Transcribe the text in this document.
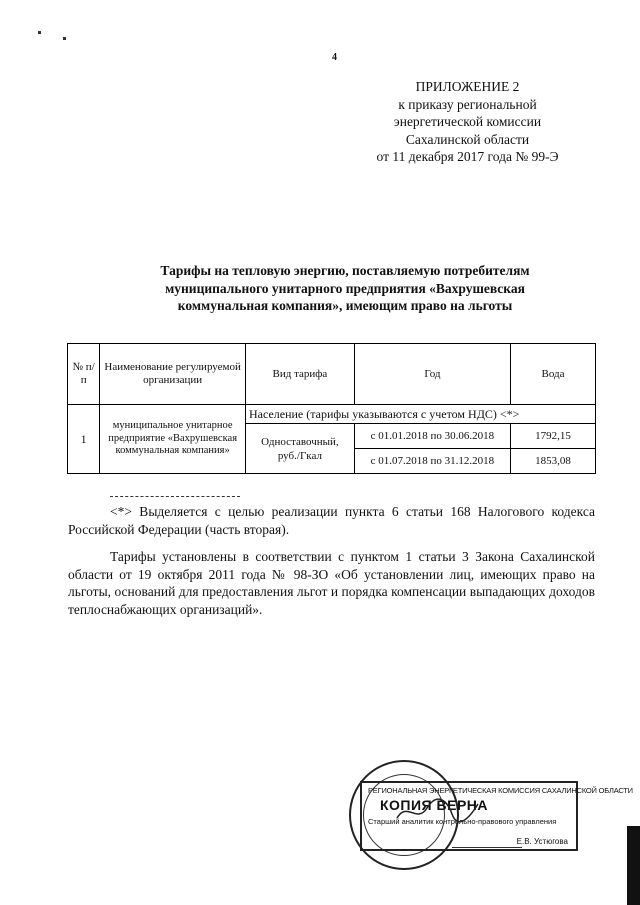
4
ПРИЛОЖЕНИЕ 2
к приказу региональной
энергетической комиссии
Сахалинской области
от 11 декабря 2017 года № 99-Э
Тарифы на тепловую энергию, поставляемую потребителям
муниципального унитарного предприятия «Вахрушевская
коммунальная компания», имеющим право на льготы
№ п/п	Наименование регулируемой организации	Вид тарифа	Год	Вода
1	муниципальное унитарное предприятие «Вахрушевская коммунальная компания»	Население (тарифы указываются с учетом НДС) <*>		
		Одноставочный, руб./Гкал	с 01.01.2018 по 30.06.2018	1792,15
			с 01.07.2018 по 31.12.2018	1853,08
<*> Выделяется с целью реализации пункта 6 статьи 168 Налогового кодекса Российской Федерации (часть вторая).
Тарифы установлены в соответствии с пунктом 1 статьи 3 Закона Сахалинской области от 19 октября 2011 года № 98-ЗО «Об установлении лиц, имеющих право на льготы, оснований для предоставления льгот и порядка компенсации выпадающих доходов теплоснабжающих организаций».
РЕГИОНАЛЬНАЯ ЭНЕРГЕТИЧЕСКАЯ КОМИССИЯ САХАЛИНСКОЙ ОБЛАСТИ
КОПИЯ ВЕРНА
Старший аналитик контрольно-правового управления
Е.В. Устюгова
